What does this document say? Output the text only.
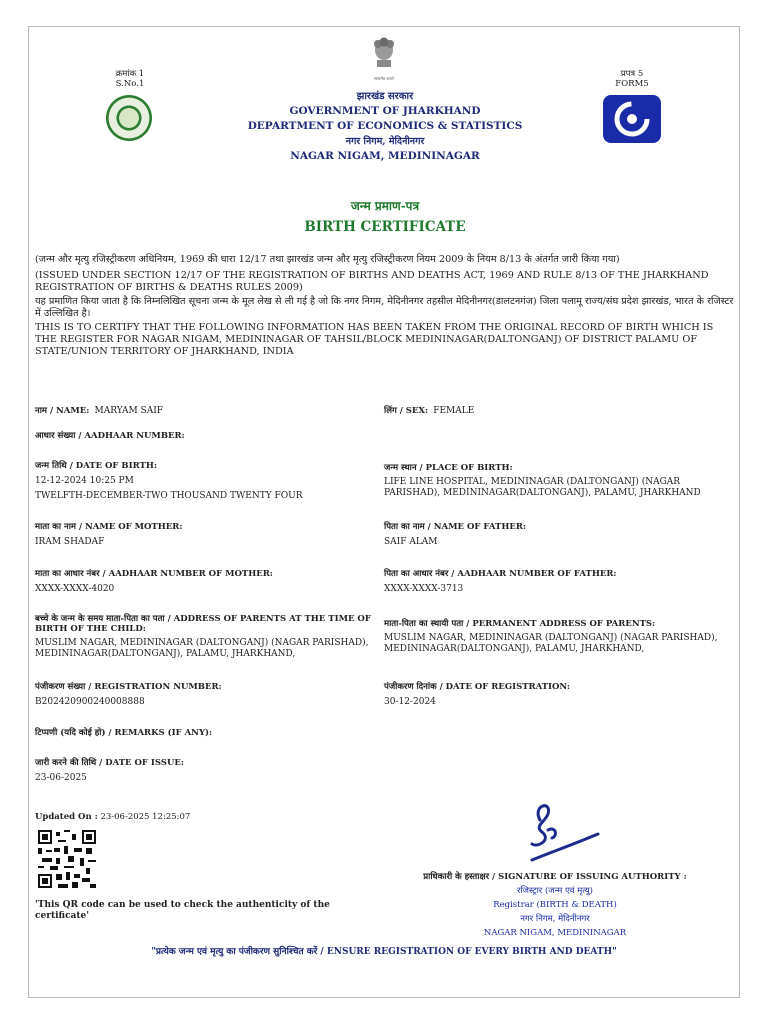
क्रमांक 1
S.No.1
प्रपत्र 5
FORM5
सत्यमेव जयते
झारखंड सरकार
GOVERNMENT OF JHARKHAND
DEPARTMENT OF ECONOMICS & STATISTICS
नगर निगम, मेदिनीनगर
NAGAR NIGAM, MEDININAGAR
जन्म प्रमाण-पत्र
BIRTH CERTIFICATE
(जन्म और मृत्यु रजिस्ट्रीकरण अधिनियम, 1969 की धारा 12/17 तथा झारखंड जन्म और मृत्यु रजिस्ट्रीकरण नियम 2009 के नियम 8/13 के अंतर्गत जारी किया गया)
(ISSUED UNDER SECTION 12/17 OF THE REGISTRATION OF BIRTHS AND DEATHS ACT, 1969 AND RULE 8/13 OF THE JHARKHAND REGISTRATION OF BIRTHS & DEATHS RULES 2009)
यह प्रमाणित किया जाता है कि निम्नलिखित सूचना जन्म के मूल लेख से ली गई है जो कि नगर निगम, मेदिनीनगर तहसील मेदिनीनगर(डालटनगंज) जिला पलामू राज्य/संघ प्रदेश झारखंड, भारत के रजिस्टर में उल्लिखित है।
THIS IS TO CERTIFY THAT THE FOLLOWING INFORMATION HAS BEEN TAKEN FROM THE ORIGINAL RECORD OF BIRTH WHICH IS THE REGISTER FOR NAGAR NIGAM, MEDININAGAR OF TAHSIL/BLOCK MEDININAGAR(DALTONGANJ) OF DISTRICT PALAMU OF STATE/UNION TERRITORY OF JHARKHAND, INDIA
नाम / NAME: MARYAM SAIF	लिंग / SEX: FEMALE
आधार संख्या / AADHAAR NUMBER:
जन्म तिथि / DATE OF BIRTH:
12-12-2024 10:25 PM
TWELFTH-DECEMBER-TWO THOUSAND TWENTY FOUR
जन्म स्थान / PLACE OF BIRTH:
LIFE LINE HOSPITAL, MEDININAGAR (DALTONGANJ) (NAGAR PARISHAD), MEDININAGAR(DALTONGANJ), PALAMU, JHARKHAND
माता का नाम / NAME OF MOTHER:
IRAM SHADAF
पिता का नाम / NAME OF FATHER:
SAIF ALAM
माता का आधार नंबर / AADHAAR NUMBER OF MOTHER:
XXXX-XXXX-4020
पिता का आधार नंबर / AADHAAR NUMBER OF FATHER:
XXXX-XXXX-3713
बच्चे के जन्म के समय माता-पिता का पता / ADDRESS OF PARENTS AT THE TIME OF BIRTH OF THE CHILD:
MUSLIM NAGAR, MEDININAGAR (DALTONGANJ) (NAGAR PARISHAD), MEDININAGAR(DALTONGANJ), PALAMU, JHARKHAND,
माता-पिता का स्थायी पता / PERMANENT ADDRESS OF PARENTS:
MUSLIM NAGAR, MEDININAGAR (DALTONGANJ) (NAGAR PARISHAD), MEDININAGAR(DALTONGANJ), PALAMU, JHARKHAND,
पंजीकरण संख्या / REGISTRATION NUMBER:
B202420900240008888
पंजीकरण दिनांक / DATE OF REGISTRATION:
30-12-2024
टिप्पणी (यदि कोई हो) / REMARKS (IF ANY):
जारी करने की तिथि / DATE OF ISSUE:
23-06-2025
Updated On : 23-06-2025 12:25:07
'This QR code can be used to check the authenticity of the certificate'
प्राधिकारी के हस्ताक्षर / SIGNATURE OF ISSUING AUTHORITY :
रजिस्ट्रार (जन्म एवं मृत्यु)
Registrar (BIRTH & DEATH)
नगर निगम, मेदिनीनगर
NAGAR NIGAM, MEDININAGAR
"प्रत्येक जन्म एवं मृत्यु का पंजीकरण सुनिश्चित करें / ENSURE REGISTRATION OF EVERY BIRTH AND DEATH"
